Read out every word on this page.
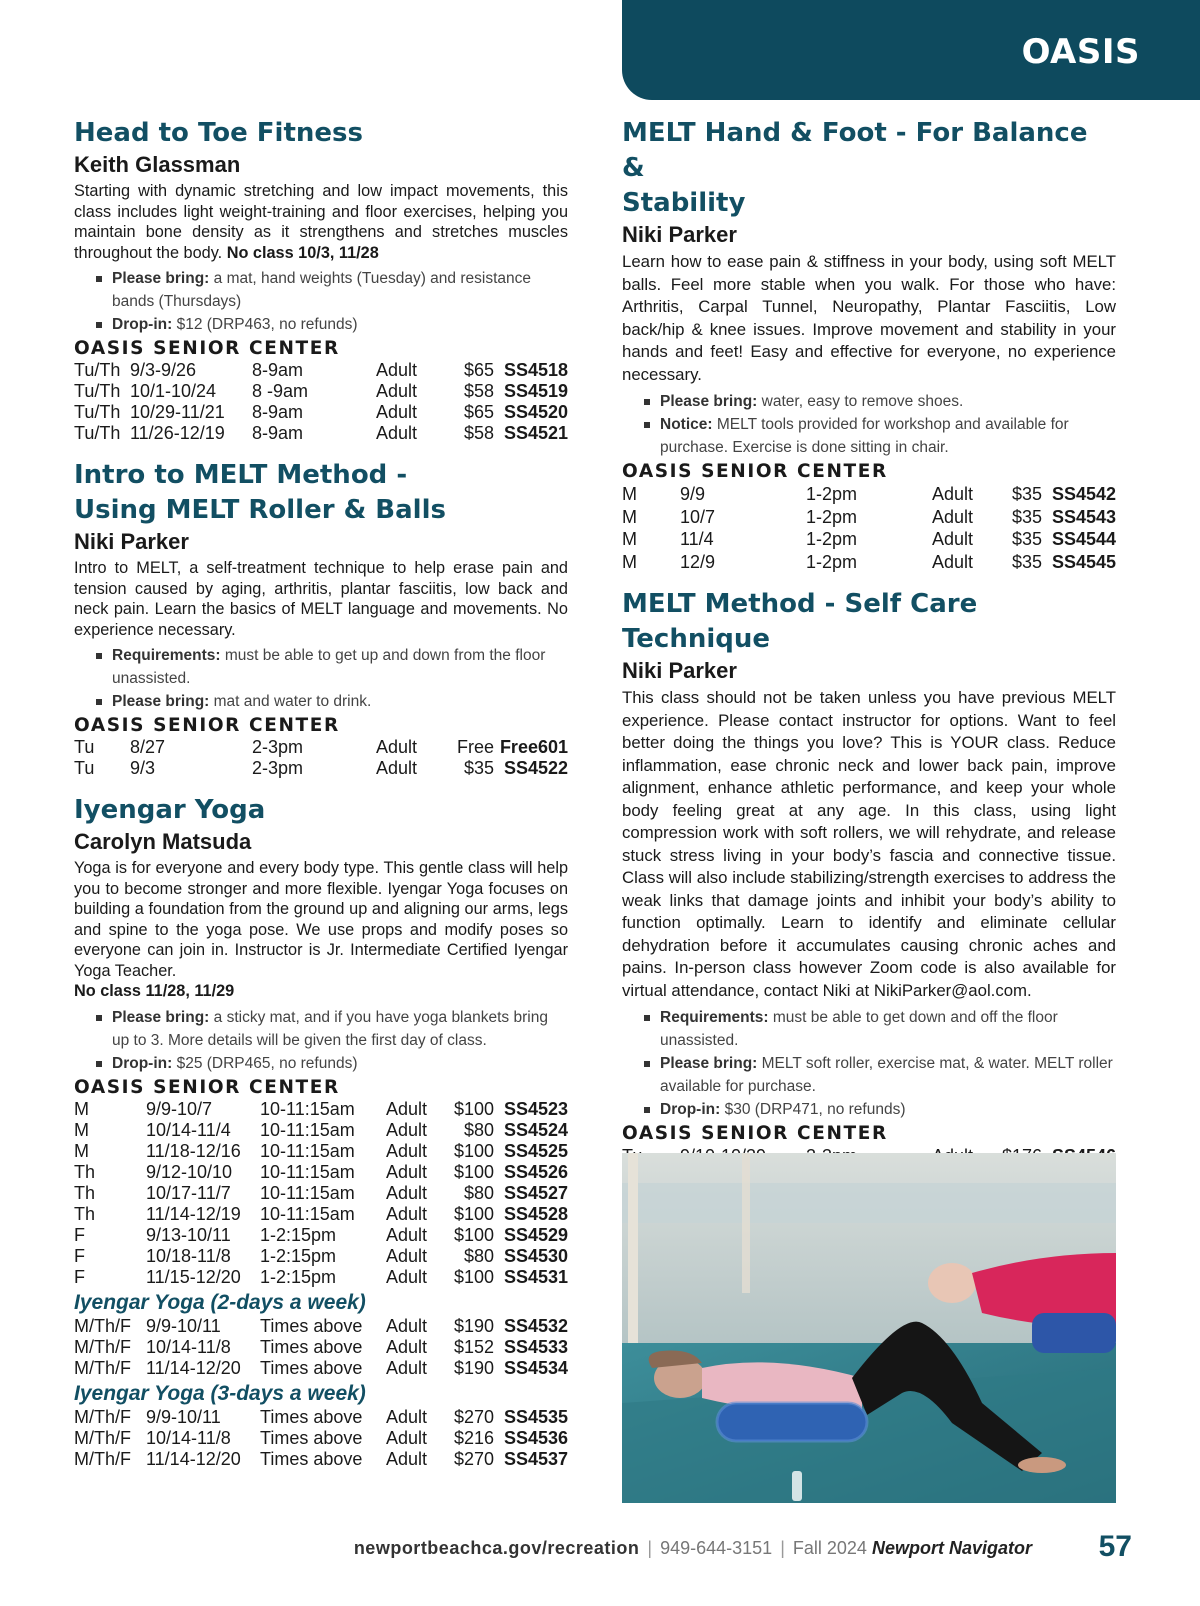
OASIS
Head to Toe Fitness
Keith Glassman

Starting with dynamic stretching and low impact movements, this class includes light weight-training and floor exercises, helping you maintain bone density as it strengthens and stretches muscles throughout the body. No class 10/3, 11/28

Please bring: a mat, hand weights (Tuesday) and resistance bands (Thursdays)
Drop-in: $12 (DRP463, no refunds)
OASIS SENIOR CENTER
Tu/Th 9/3-9/26	8-9am	Adult	$65 SS4518
Tu/Th 10/1-10/24 8 -9am	Adult	$58 SS4519
Tu/Th 10/29-11/21 8-9am	Adult	$65 SS4520
Tu/Th 11/26-12/19 8-9am	Adult	$58 SS4521
Intro to MELT Method -
Using MELT Roller & Balls
Niki Parker

Intro to MELT, a self-treatment technique to help erase pain and tension caused by aging, arthritis, plantar fasciitis, low back and neck pain. Learn the basics of MELT language and movements. No experience necessary.

Requirements: must be able to get up and down from the floor unassisted.
Please bring: mat and water to drink.
OASIS SENIOR CENTER
Tu 8/27	2-3pm	Adult Free Free601
Tu 9/3	2-3pm	Adult	$35 SS4522
Iyengar Yoga
Carolyn Matsuda

Yoga is for everyone and every body type. This gentle class will help you to become stronger and more flexible. Iyengar Yoga focuses on building a foundation from the ground up and aligning our arms, legs and spine to the yoga pose. We use props and modify poses so everyone can join in. Instructor is Jr. Intermediate Certified Iyengar Yoga Teacher.
No class 11/28, 11/29

Please bring: a sticky mat, and if you have yoga blankets bring up to 3. More details will be given the first day of class.
Drop-in: $25 (DRP465, no refunds)
OASIS SENIOR CENTER
M	9/9-10/7	10-11:15am Adult $100 SS4523
M	10/14-11/4 10-11:15am Adult $80 SS4524
M	11/18-12/16 10-11:15am Adult $100 SS4525
Th	9/12-10/10 10-11:15am Adult $100 SS4526
Th	10/17-11/7 10-11:15am Adult $80 SS4527
Th	11/14-12/19 10-11:15am Adult $100 SS4528
F	9/13-10/11 1-2:15pm	Adult $100 SS4529
F	10/18-11/8 1-2:15pm	Adult $80 SS4530
F	11/15-12/20 1-2:15pm	Adult $100 SS4531
Iyengar Yoga (2-days a week)
M/Th/F 9/9-10/11 Times above Adult $190 SS4532
M/Th/F 10/14-11/8 Times above Adult $152 SS4533
M/Th/F 11/14-12/20 Times above Adult $190 SS4534
Iyengar Yoga (3-days a week)
M/Th/F 9/9-10/11 Times above Adult $270 SS4535
M/Th/F 10/14-11/8 Times above Adult $216 SS4536
M/Th/F 11/14-12/20 Times above Adult $270 SS4537
MELT Hand & Foot - For Balance &
Stability
Niki Parker

Learn how to ease pain & stiffness in your body, using soft MELT balls. Feel more stable when you walk. For those who have: Arthritis, Carpal Tunnel, Neuropathy, Plantar Fasciitis, Low back/hip & knee issues. Improve movement and stability in your hands and feet! Easy and effective for everyone, no experience necessary.

Please bring: water, easy to remove shoes.
Notice: MELT tools provided for workshop and available for purchase. Exercise is done sitting in chair.
OASIS SENIOR CENTER
M 9/9	1-2pm	Adult $35 SS4542
M 10/7	1-2pm	Adult $35 SS4543
M 11/4	1-2pm	Adult $35 SS4544
M 12/9	1-2pm	Adult $35 SS4545
MELT Method - Self Care Technique
Niki Parker

This class should not be taken unless you have previous MELT experience. Please contact instructor for options. Want to feel better doing the things you love? This is YOUR class. Reduce inflammation, ease chronic neck and lower back pain, improve alignment, enhance athletic performance, and keep your whole body feeling great at any age. In this class, using light compression work with soft rollers, we will rehydrate, and release stuck stress living in your body’s fascia and connective tissue. Class will also include stabilizing/strength exercises to address the weak links that damage joints and inhibit your body’s ability to function optimally. Learn to identify and eliminate cellular dehydration before it accumulates causing chronic aches and pains. In-person class however Zoom code is also available for virtual attendance, contact Niki at NikiParker@aol.com.

Requirements: must be able to get down and off the floor unassisted.
Please bring: MELT soft roller, exercise mat, & water. MELT roller available for purchase.
Drop-in: $30 (DRP471, no refunds)
OASIS SENIOR CENTER
newportbeachca.gov/recreation | 949-644-3151 | Fall 2024 Newport Navigator 57
